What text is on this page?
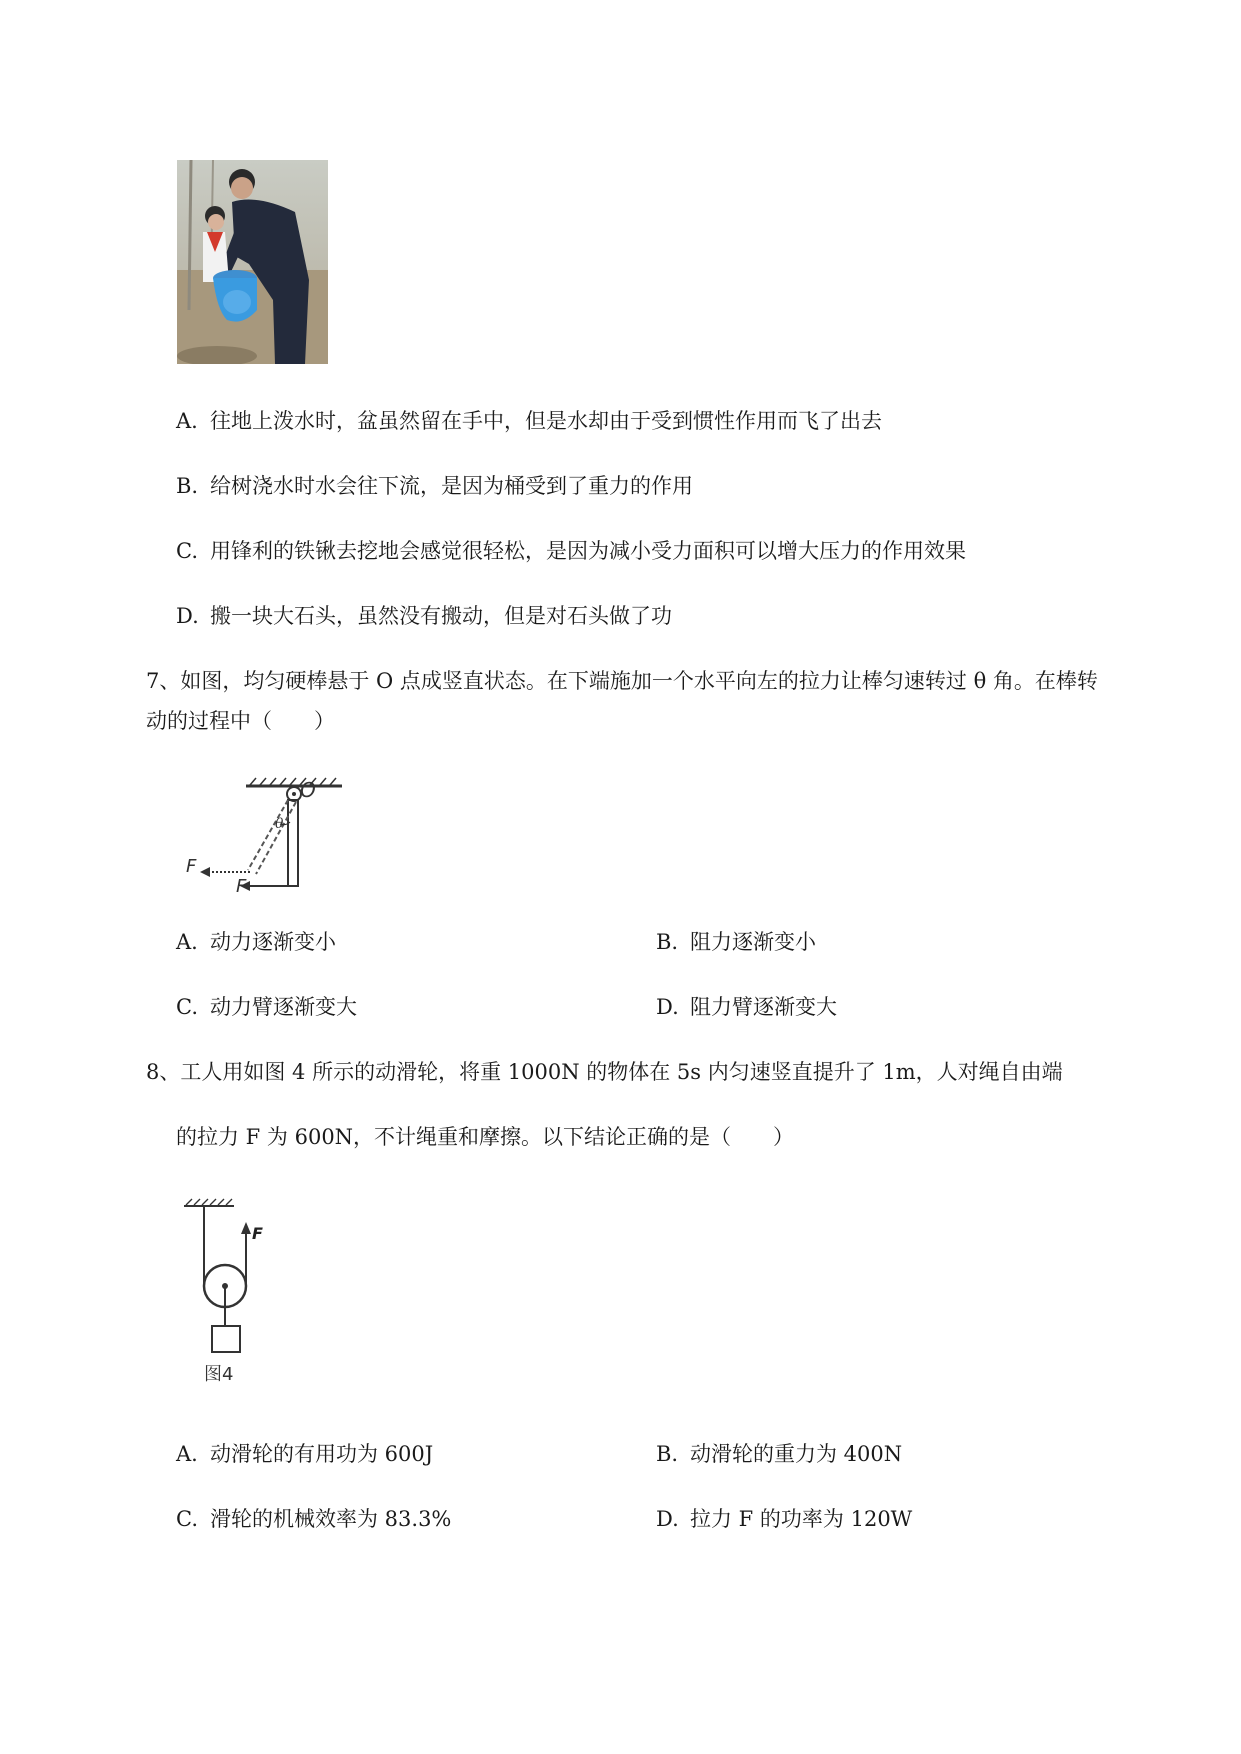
A. 往地上泼水时，盆虽然留在手中，但是水却由于受到惯性作用而飞了出去
B. 给树浇水时水会往下流，是因为桶受到了重力的作用
C. 用锋利的铁锹去挖地会感觉很轻松，是因为减小受力面积可以增大压力的作用效果
D. 搬一块大石头，虽然没有搬动，但是对石头做了功
7、如图，均匀硬棒悬于 O 点成竖直状态。在下端施加一个水平向左的拉力让棒匀速转过 θ 角。在棒转
动的过程中（　　）
O
θ
F
F
A. 动力逐渐变小	B. 阻力逐渐变小
C. 动力臂逐渐变大	D. 阻力臂逐渐变大
8、工人用如图 4 所示的动滑轮，将重 1000N 的物体在 5s 内匀速竖直提升了 1m，人对绳自由端
的拉力 F 为 600N，不计绳重和摩擦。以下结论正确的是（　　）
F
图4
A. 动滑轮的有用功为 600J	B. 动滑轮的重力为 400N
C. 滑轮的机械效率为 83.3%	D. 拉力 F 的功率为 120W
